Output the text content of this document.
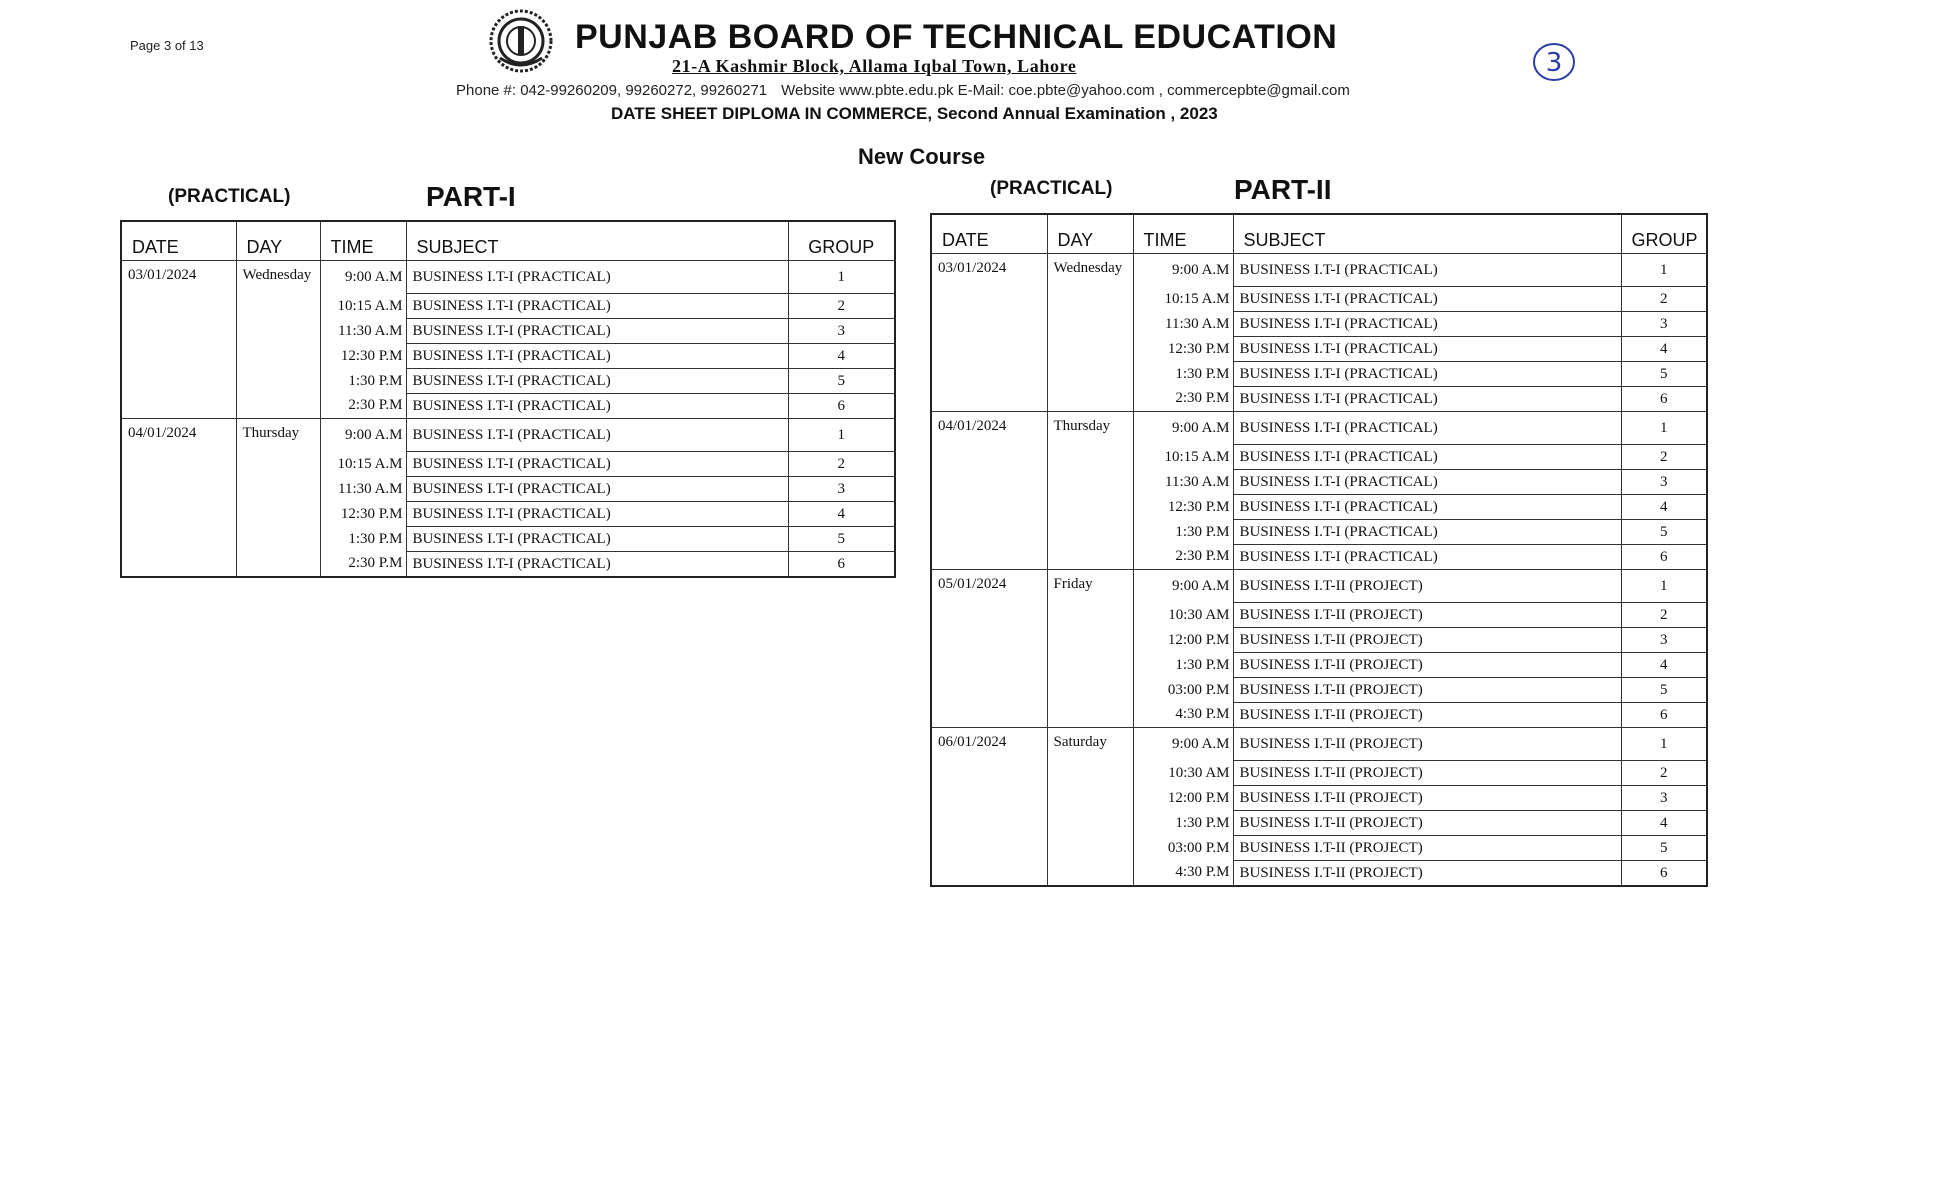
Page 3 of 13	PUNJAB BOARD OF TECHNICAL EDUCATION
21-A Kashmir Block, Allama Iqbal Town, Lahore
Phone #: 042-99260209, 99260272, 99260271 Website www.pbte.edu.pk E-Mail: coe.pbte@yahoo.com , commercepbte@gmail.com
DATE SHEET DIPLOMA IN COMMERCE, Second Annual Examination , 2023
New Course
3
(PRACTICAL)	PART-I	(PRACTICAL)	PART-II
DATE	DAY	TIME	SUBJECT	GROUP
03/01/2024	Wednesday	9:00 A.M	BUSINESS I.T-I (PRACTICAL)	1
		10:15 A.M	BUSINESS I.T-I (PRACTICAL)	2
		11:30 A.M	BUSINESS I.T-I (PRACTICAL)	3
		12:30 P.M	BUSINESS I.T-I (PRACTICAL)	4
		1:30 P.M	BUSINESS I.T-I (PRACTICAL)	5
		2:30 P.M	BUSINESS I.T-I (PRACTICAL)	6
04/01/2024	Thursday	9:00 A.M	BUSINESS I.T-I (PRACTICAL)	1
		10:15 A.M	BUSINESS I.T-I (PRACTICAL)	2
		11:30 A.M	BUSINESS I.T-I (PRACTICAL)	3
		12:30 P.M	BUSINESS I.T-I (PRACTICAL)	4
		1:30 P.M	BUSINESS I.T-I (PRACTICAL)	5
		2:30 P.M	BUSINESS I.T-I (PRACTICAL)	6
DATE	DAY	TIME	SUBJECT	GROUP
03/01/2024	Wednesday	9:00 A.M	BUSINESS I.T-I (PRACTICAL)	1
		10:15 A.M	BUSINESS I.T-I (PRACTICAL)	2
		11:30 A.M	BUSINESS I.T-I (PRACTICAL)	3
		12:30 P.M	BUSINESS I.T-I (PRACTICAL)	4
		1:30 P.M	BUSINESS I.T-I (PRACTICAL)	5
		2:30 P.M	BUSINESS I.T-I (PRACTICAL)	6
04/01/2024	Thursday	9:00 A.M	BUSINESS I.T-I (PRACTICAL)	1
		10:15 A.M	BUSINESS I.T-I (PRACTICAL)	2
		11:30 A.M	BUSINESS I.T-I (PRACTICAL)	3
		12:30 P.M	BUSINESS I.T-I (PRACTICAL)	4
		1:30 P.M	BUSINESS I.T-I (PRACTICAL)	5
		2:30 P.M	BUSINESS I.T-I (PRACTICAL)	6
05/01/2024	Friday	9:00 A.M	BUSINESS I.T-II (PROJECT)	1
		10:30 AM	BUSINESS I.T-II (PROJECT)	2
		12:00 P.M	BUSINESS I.T-II (PROJECT)	3
		1:30 P.M	BUSINESS I.T-II (PROJECT)	4
		03:00 P.M	BUSINESS I.T-II (PROJECT)	5
		4:30 P.M	BUSINESS I.T-II (PROJECT)	6
06/01/2024	Saturday	9:00 A.M	BUSINESS I.T-II (PROJECT)	1
		10:30 AM	BUSINESS I.T-II (PROJECT)	2
		12:00 P.M	BUSINESS I.T-II (PROJECT)	3
		1:30 P.M	BUSINESS I.T-II (PROJECT)	4
		03:00 P.M	BUSINESS I.T-II (PROJECT)	5
		4:30 P.M	BUSINESS I.T-II (PROJECT)	6
